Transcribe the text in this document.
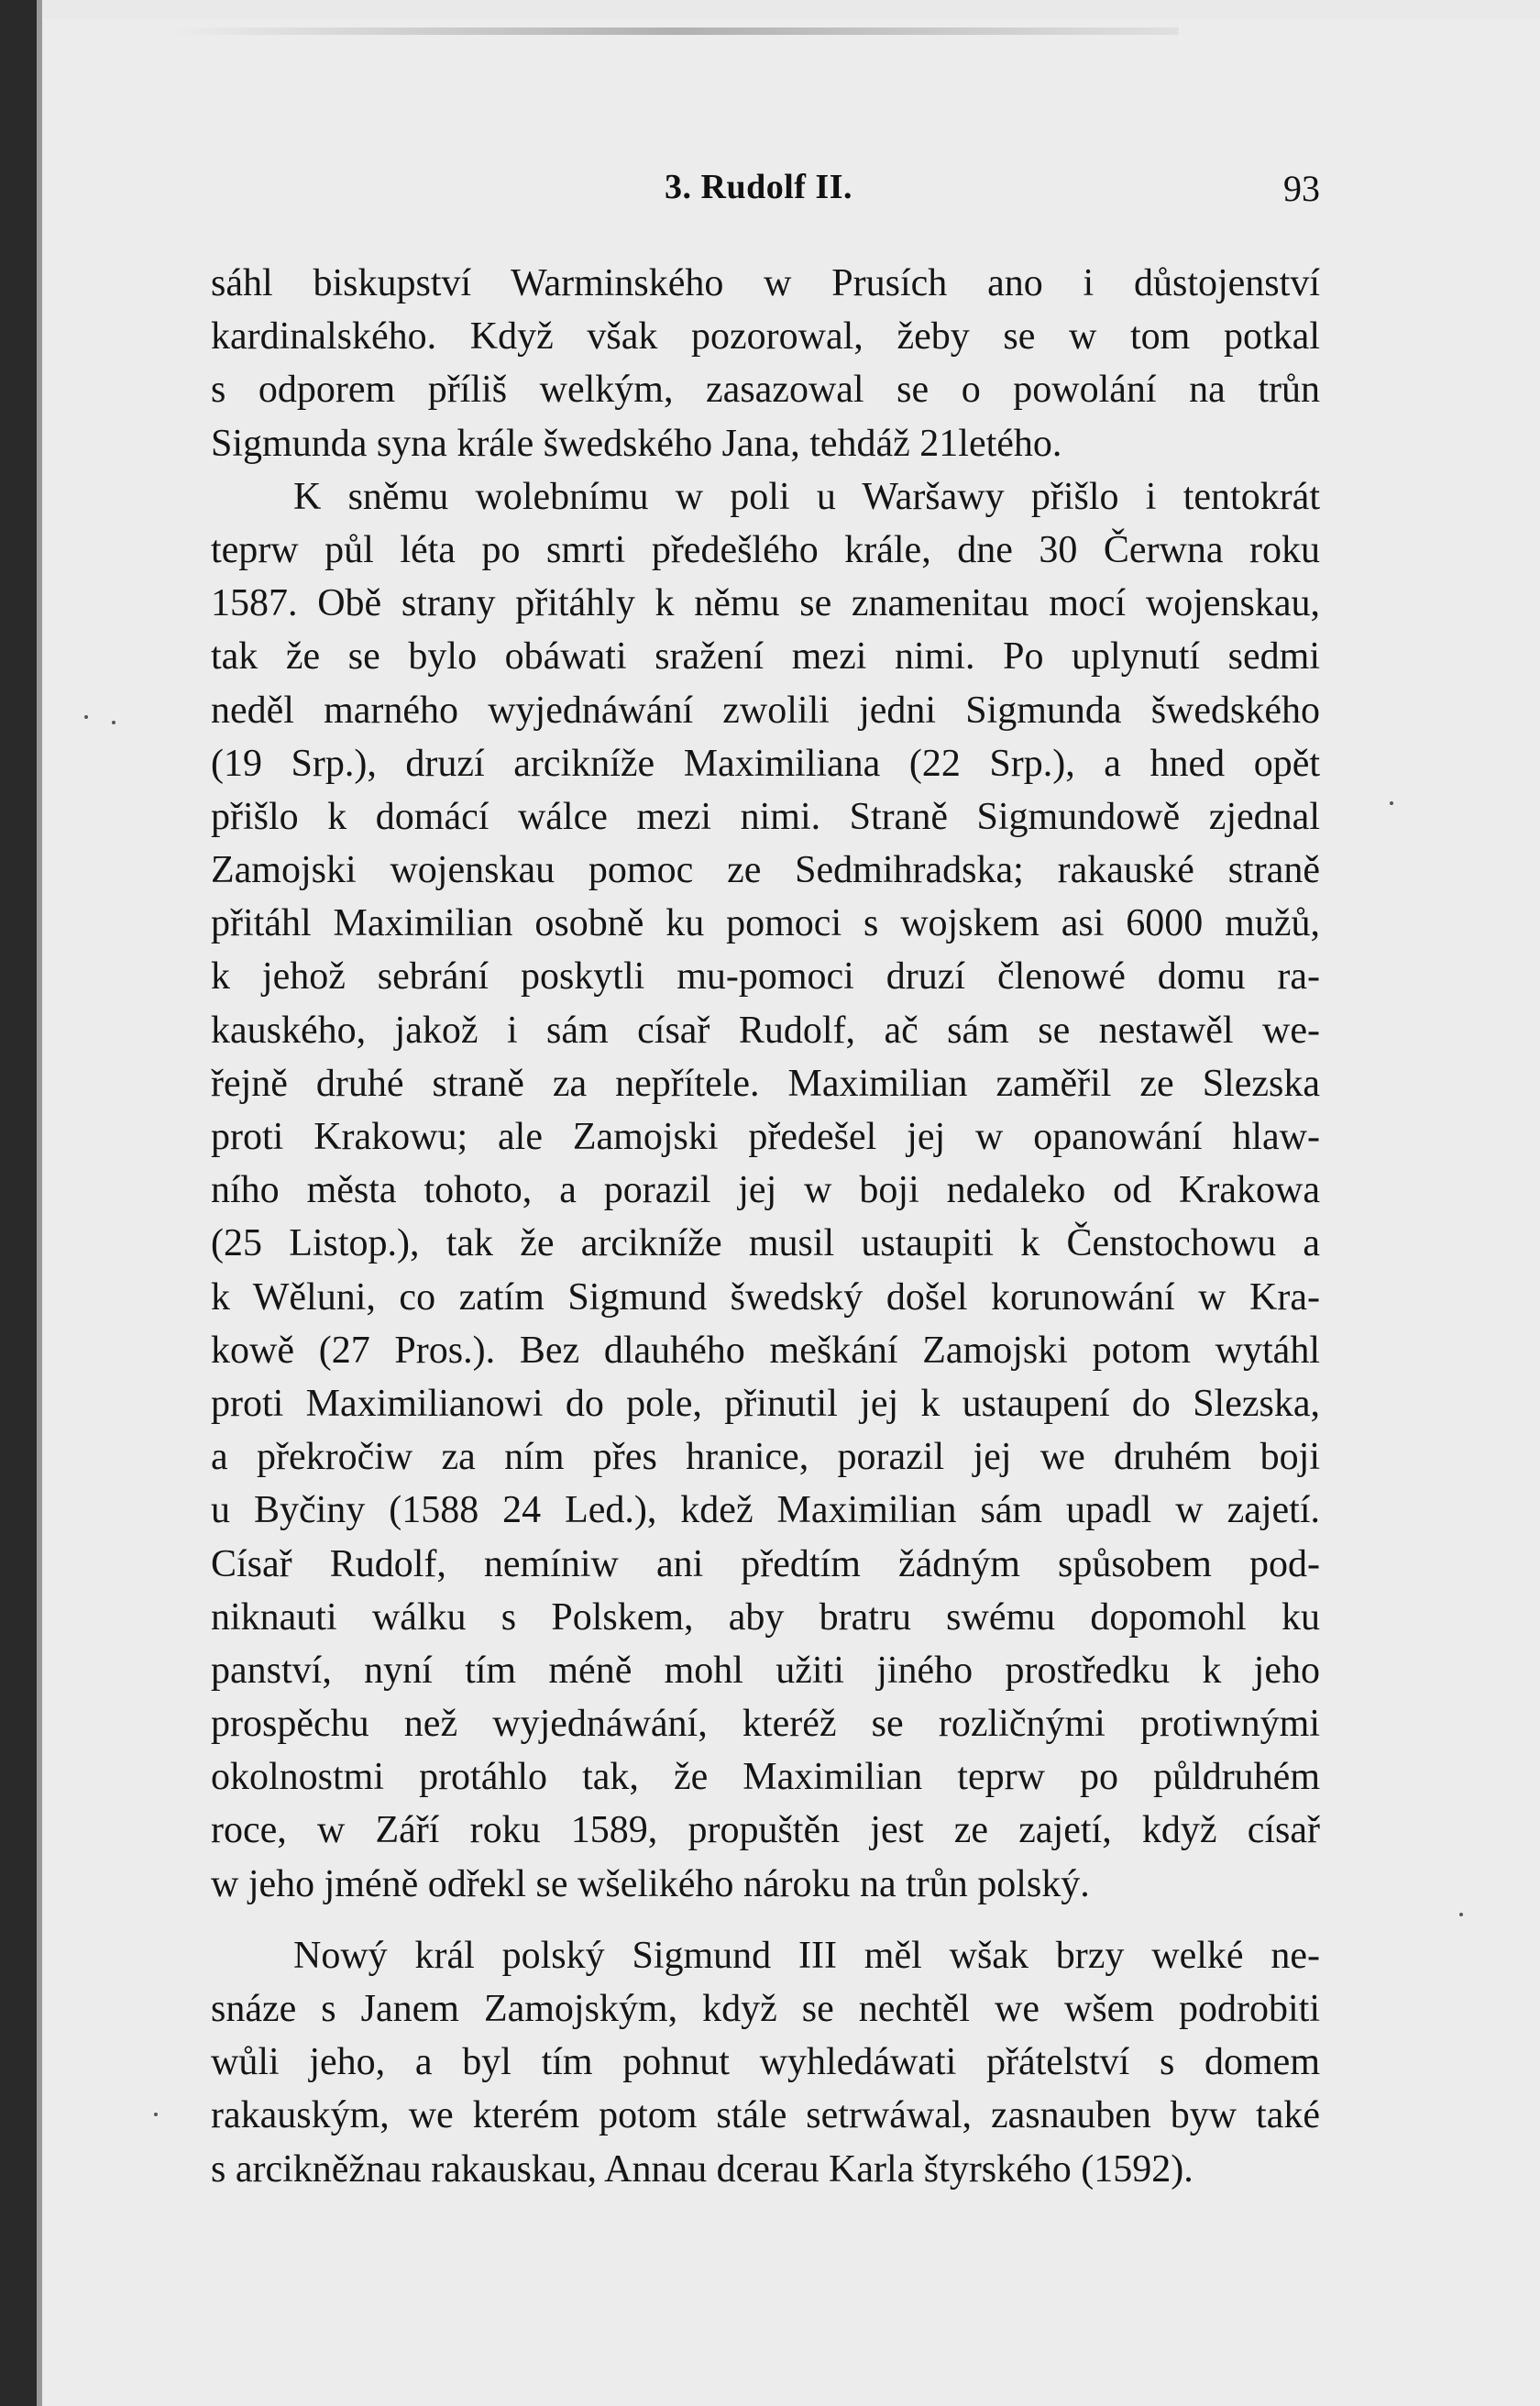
3. Rudolf II.	93
sáhl biskupství Warminského w Prusích ano i důstojenství
kardinalského. Když však pozorowal, žeby se w tom potkal
s odporem příliš welkým, zasazowal se o powolání na trůn
Sigmunda syna krále šwedského Jana, tehdáž 21letého.
K sněmu wolebnímu w poli u Waršawy přišlo i tentokrát
teprw půl léta po smrti předešlého krále, dne 30 Čerwna roku
1587. Obě strany přitáhly k němu se znamenitau mocí wojenskau,
tak že se bylo obáwati sražení mezi nimi. Po uplynutí sedmi
neděl marného wyjednáwání zwolili jedni Sigmunda šwedského
(19 Srp.), druzí arcikníže Maximiliana (22 Srp.), a hned opět
přišlo k domácí wálce mezi nimi. Straně Sigmundowě zjednal
Zamojski wojenskau pomoc ze Sedmihradska; rakauské straně
přitáhl Maximilian osobně ku pomoci s wojskem asi 6000 mužů,
k jehož sebrání poskytli mu-pomoci druzí členowé domu ra-
kauského, jakož i sám císař Rudolf, ač sám se nestawěl we-
řejně druhé straně za nepřítele. Maximilian zaměřil ze Slezska
proti Krakowu; ale Zamojski předešel jej w opanowání hlaw-
ního města tohoto, a porazil jej w boji nedaleko od Krakowa
(25 Listop.), tak že arcikníže musil ustaupiti k Čenstochowu a
k Wěluni, co zatím Sigmund šwedský došel korunowání w Kra-
kowě (27 Pros.). Bez dlauhého meškání Zamojski potom wytáhl
proti Maximilianowi do pole, přinutil jej k ustaupení do Slezska,
a překročiw za ním přes hranice, porazil jej we druhém boji
u Byčiny (1588 24 Led.), kdež Maximilian sám upadl w zajetí.
Císař Rudolf, nemíniw ani předtím žádným spůsobem pod-
niknauti wálku s Polskem, aby bratru swému dopomohl ku
panství, nyní tím méně mohl užiti jiného prostředku k jeho
prospěchu než wyjednáwání, kteréž se rozličnými protiwnými
okolnostmi protáhlo tak, že Maximilian teprw po půldruhém
roce, w Září roku 1589, propuštěn jest ze zajetí, když císař
w jeho jméně odřekl se wšelikého nároku na trůn polský.
Nowý král polský Sigmund III měl wšak brzy welké ne-
snáze s Janem Zamojským, když se nechtěl we wšem podrobiti
wůli jeho, a byl tím pohnut wyhledáwati přátelství s domem
rakauským, we kterém potom stále setrwáwal, zasnauben byw také
s arcikněžnau rakauskau, Annau dcerau Karla štyrského (1592).
